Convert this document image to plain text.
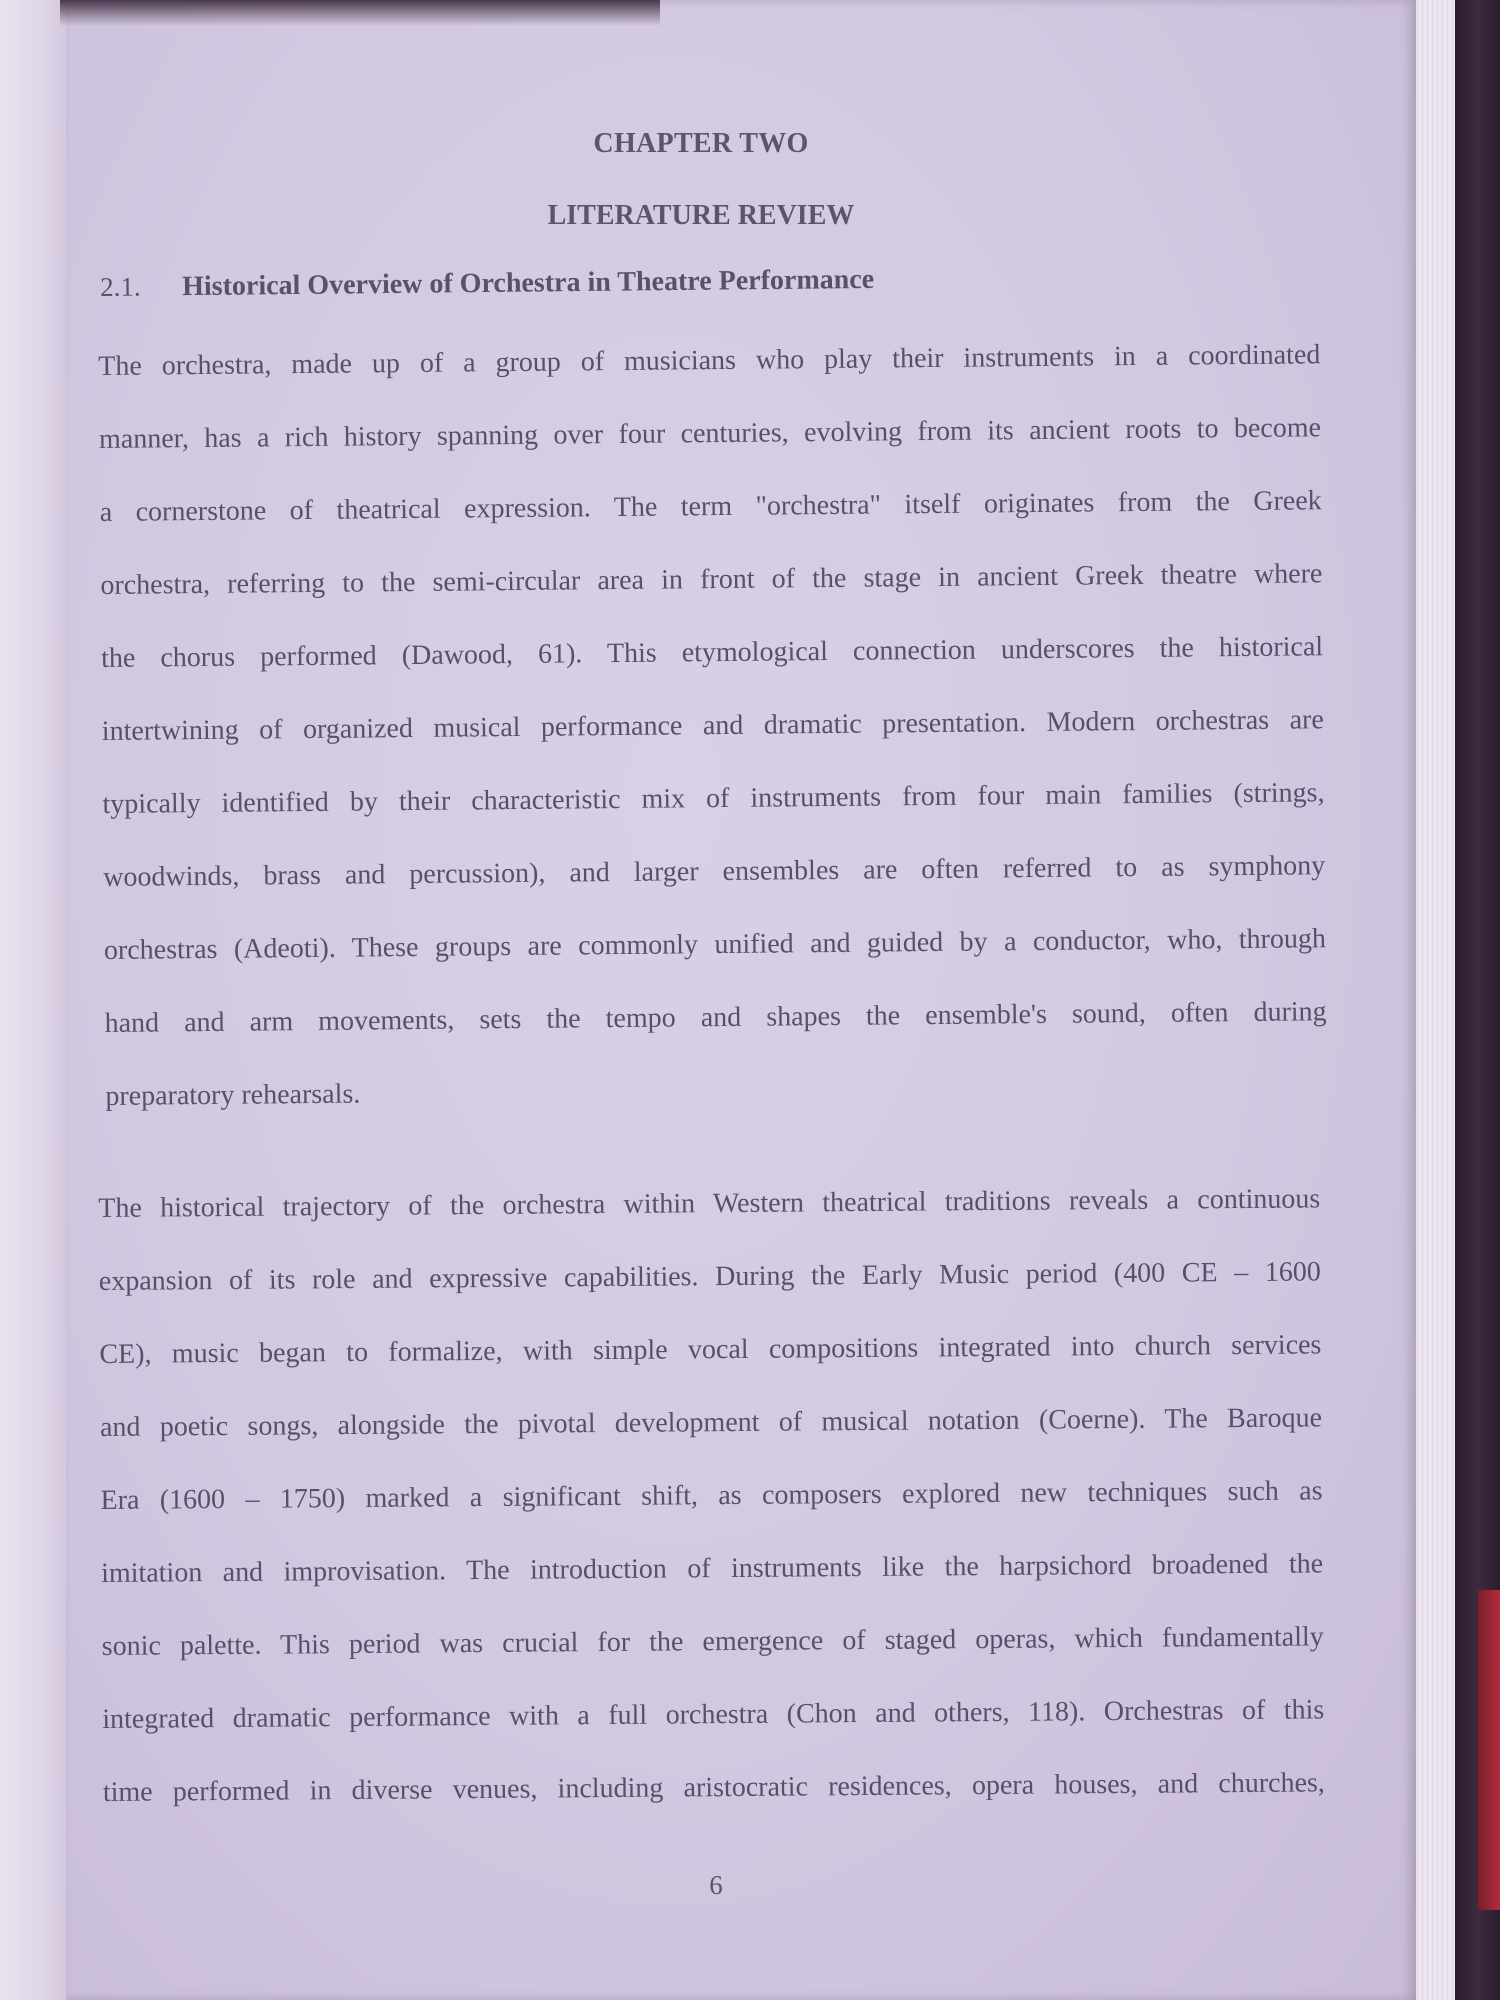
CHAPTER TWO
LITERATURE REVIEW
2.1. Historical Overview of Orchestra in Theatre Performance
The orchestra, made up of a group of musicians who play their instruments in a coordinated
manner, has a rich history spanning over four centuries, evolving from its ancient roots to become
a cornerstone of theatrical expression. The term "orchestra" itself originates from the Greek
orchestra, referring to the semi-circular area in front of the stage in ancient Greek theatre where
the chorus performed (Dawood, 61). This etymological connection underscores the historical
intertwining of organized musical performance and dramatic presentation. Modern orchestras are
typically identified by their characteristic mix of instruments from four main families (strings,
woodwinds, brass and percussion), and larger ensembles are often referred to as symphony
orchestras (Adeoti). These groups are commonly unified and guided by a conductor, who, through
hand and arm movements, sets the tempo and shapes the ensemble's sound, often during
preparatory rehearsals.
The historical trajectory of the orchestra within Western theatrical traditions reveals a continuous
expansion of its role and expressive capabilities. During the Early Music period (400 CE – 1600
CE), music began to formalize, with simple vocal compositions integrated into church services
and poetic songs, alongside the pivotal development of musical notation (Coerne). The Baroque
Era (1600 – 1750) marked a significant shift, as composers explored new techniques such as
imitation and improvisation. The introduction of instruments like the harpsichord broadened the
sonic palette. This period was crucial for the emergence of staged operas, which fundamentally
integrated dramatic performance with a full orchestra (Chon and others, 118). Orchestras of this
time performed in diverse venues, including aristocratic residences, opera houses, and churches,
6
